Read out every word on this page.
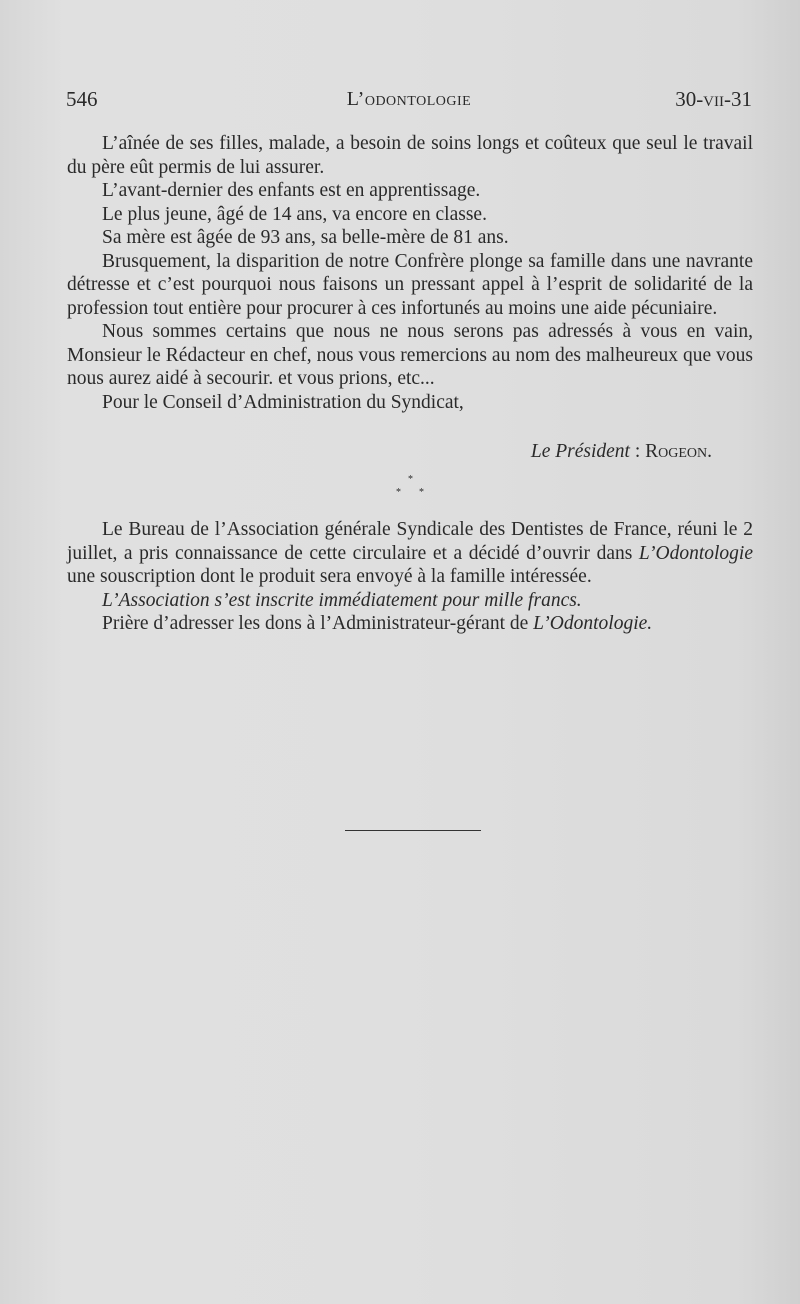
546	L’odontologie	30-vii-31

L’aînée de ses filles, malade, a besoin de soins longs et coûteux que seul le travail du père eût permis de lui assurer.

L’avant-dernier des enfants est en apprentissage.

Le plus jeune, âgé de 14 ans, va encore en classe.

Sa mère est âgée de 93 ans, sa belle-mère de 81 ans.

Brusquement, la disparition de notre Confrère plonge sa famille dans une navrante détresse et c’est pourquoi nous faisons un pressant appel à l’esprit de solidarité de la profession tout entière pour procurer à ces infortunés au moins une aide pécuniaire.

Nous sommes certains que nous ne nous serons pas adressés à vous en vain, Monsieur le Rédacteur en chef, nous vous remercions au nom des malheureux que vous nous aurez aidé à secourir. et vous prions, etc...

Pour le Conseil d’Administration du Syndicat,

Le Président : Rogeon.
*
* *

Le Bureau de l’Association générale Syndicale des Dentistes de France, réuni le 2 juillet, a pris connaissance de cette circulaire et a décidé d’ouvrir dans L’Odontologie une souscription dont le produit sera envoyé à la famille intéressée.

L’Association s’est inscrite immédiatement pour mille francs.

Prière d’adresser les dons à l’Administrateur-gérant de L’Odontologie.
